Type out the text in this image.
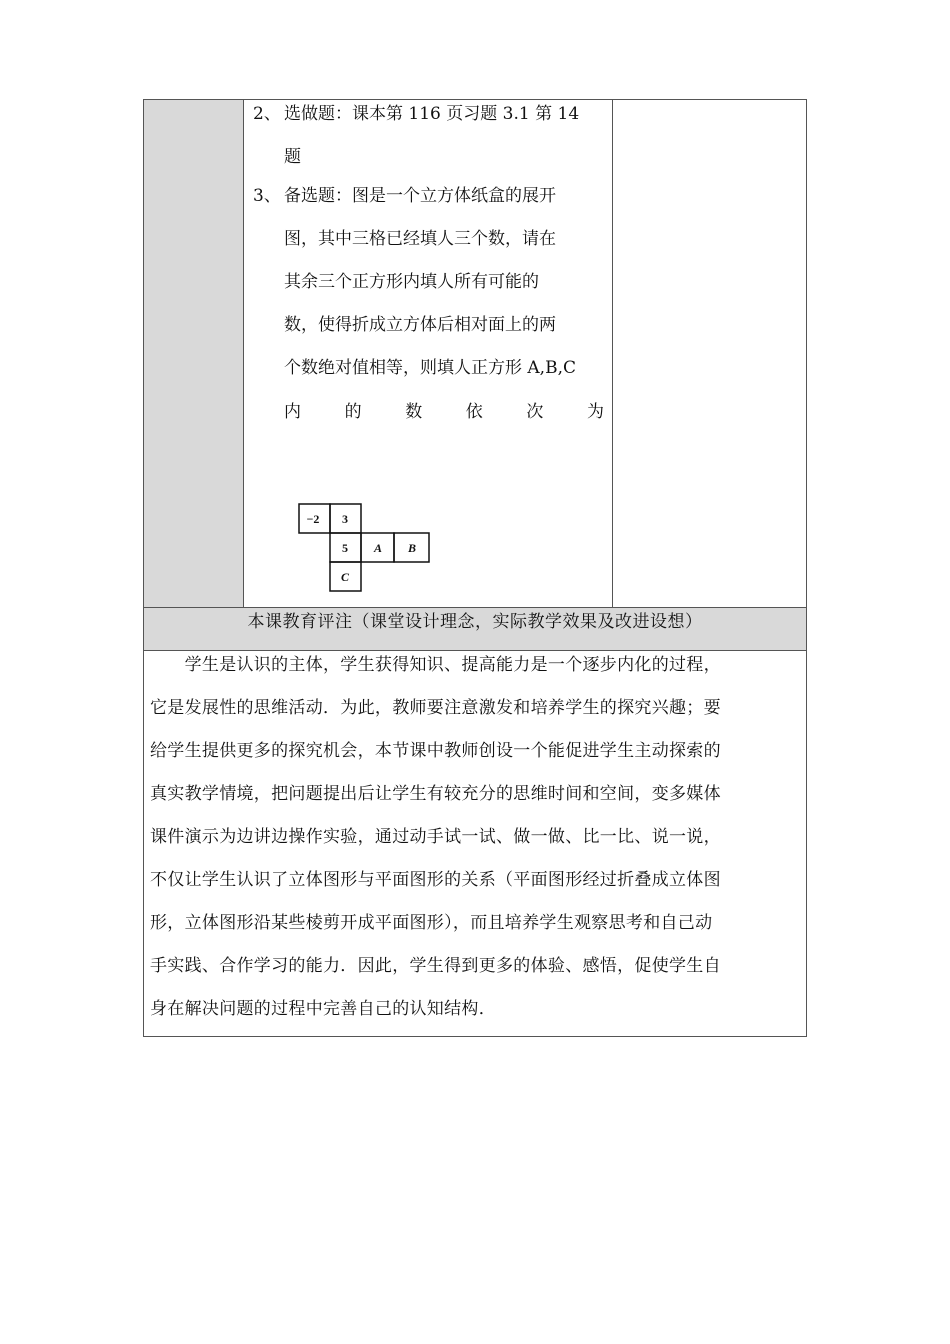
本课教育评注（课堂设计理念，实际教学效果及改进设想）
2、 选做题：课本第 116 页习题 3.1 第 14
题
3、 备选题：图是一个立方体纸盒的展开
图，其中三格已经填人三个数，请在
其余三个正方形内填人所有可能的
数，使得折成立方体后相对面上的两
个数绝对值相等，则填人正方形 A,B,C
内	的	数	依	次	为
−2 3
5 A B
C
　　学生是认识的主体，学生获得知识、提高能力是一个逐步内化的过程，
它是发展性的思维活动．为此，教师要注意激发和培养学生的探究兴趣；要
给学生提供更多的探究机会，本节课中教师创设一个能促进学生主动探索的
真实教学情境，把问题提出后让学生有较充分的思维时间和空间，变多媒体
课件演示为边讲边操作实验，通过动手试一试、做一做、比一比、说一说，
不仅让学生认识了立体图形与平面图形的关系（平面图形经过折叠成立体图
形，立体图形沿某些棱剪开成平面图形），而且培养学生观察思考和自己动
手实践、合作学习的能力．因此，学生得到更多的体验、感悟，促使学生自
身在解决问题的过程中完善自己的认知结构．
